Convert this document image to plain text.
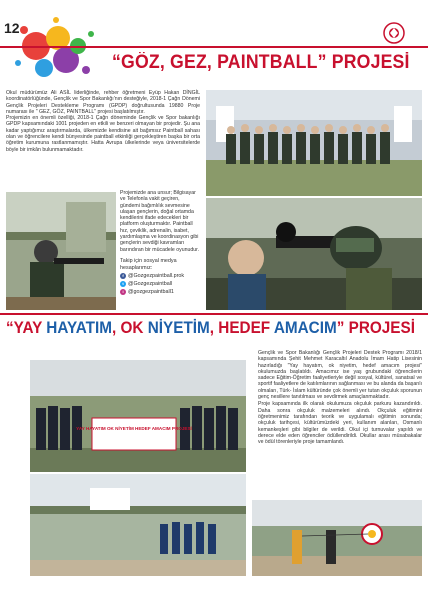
12
“GÖZ, GEZ, PAINTBALL” PROJESİ
Okul müdürümüz Ali ASİL liderliğinde, rehber öğretmeni Eyüp Hakan DİNGİL koordinatörlüğünde, Gençlik ve Spor Bakanlığı'nın desteğiyle, 2018-1 Çağrı Dönemi Gençlik Projeleri Destekleme Programı (GPDP) doğrultusunda 19880 Proje numarası ile " GEZ, GÖZ, PAINTBALL" projesi başlatılmıştır.
Projemizin en önemli özelliği, 2018-1 Çağrı döneminde Gençlik ve Spor bakanlığı GPDP kapsamındaki 1001 projeden en etkili ve benzeri olmayan bir projedir. Şu ana kadar yaptığımız araştırmalarda, ülkemizde kendisine ait bağımsız Paintball sahası olan ve öğrencilere kendi bünyesinde paintball etkinliği gerçekleştiren başka bir orta öğretim kurumuna rastlanmamıştır. Hatta Avrupa ülkelerinde veya üniversitelerde böyle bir imkân bulunmamaktadır.
Projemizde ana unsur; Bilgisayar ve Telefonla vakit geçiren, gündemi bağımlılık sevmesine ulaşan gençlerin, doğal ortamda kendilerini ifade edecekleri bir platform oluşturmaktır. Paintball hız, çeviklik, adrenalin, isabet, yardımlaşma ve koordinasyon gibi gençlerin sevdiği kavramları barındıran bir mücadele oyunudur.
Takip için sosyal medya hesaplarımız:
f @Gozgezpaintball.prok
t @Gozgezpaintball
i @gozgezpaintball1
“YAY HAYATIM, OK NİYETİM, HEDEF AMACIM” PROJESİ
YAY HAYATIM OK NİYETİM HEDEF AMACIM PROJESİ
Gençlik ve Spor Bakanlığı Gençlik Projeleri Destek Programı 2018/1 kapsamında Şehit Mehmet Karacaltıl Anadolu İmam Hatip Lisesinin hazırladığı "Yay hayatım, ok niyetim, hedef amacım projesi" okulumuzda başlatıldı. Amacımız ise yaş grubundaki öğrencilerin sadece Eğitim-Öğretim faaliyetleriyle değil sosyal, kültürel, sanatsal ve sportif faaliyetlere de katılımlarının sağlanması ve bu alanda da başarılı olmaları, Türk- İslam kültüründe çok önemli yer tutan okçuluk sporunun genç nesillere tanıtılması ve sevdirmek amaçlanmaktadır.
Proje kapsamında ilk olarak okulumuza okçuluk parkuru kazandırıldı. Daha sonra okçuluk malzemeleri alındı. Okçuluk eğitimini öğretmenimiz tarafından teorik ve uygulamalı eğitimin sonunda; okçuluk tarihçesi, kültürümüzdeki yeri, kullanım alanları, Osmanlı kemankeşleri gibi bilgiler de verildi. Okul içi turnuvalar yapıldı ve derece elde eden öğrenciler ödüllendirildi. Okullar arası müsabakalar ve ödül törenleriyle proje tamamlandı.
